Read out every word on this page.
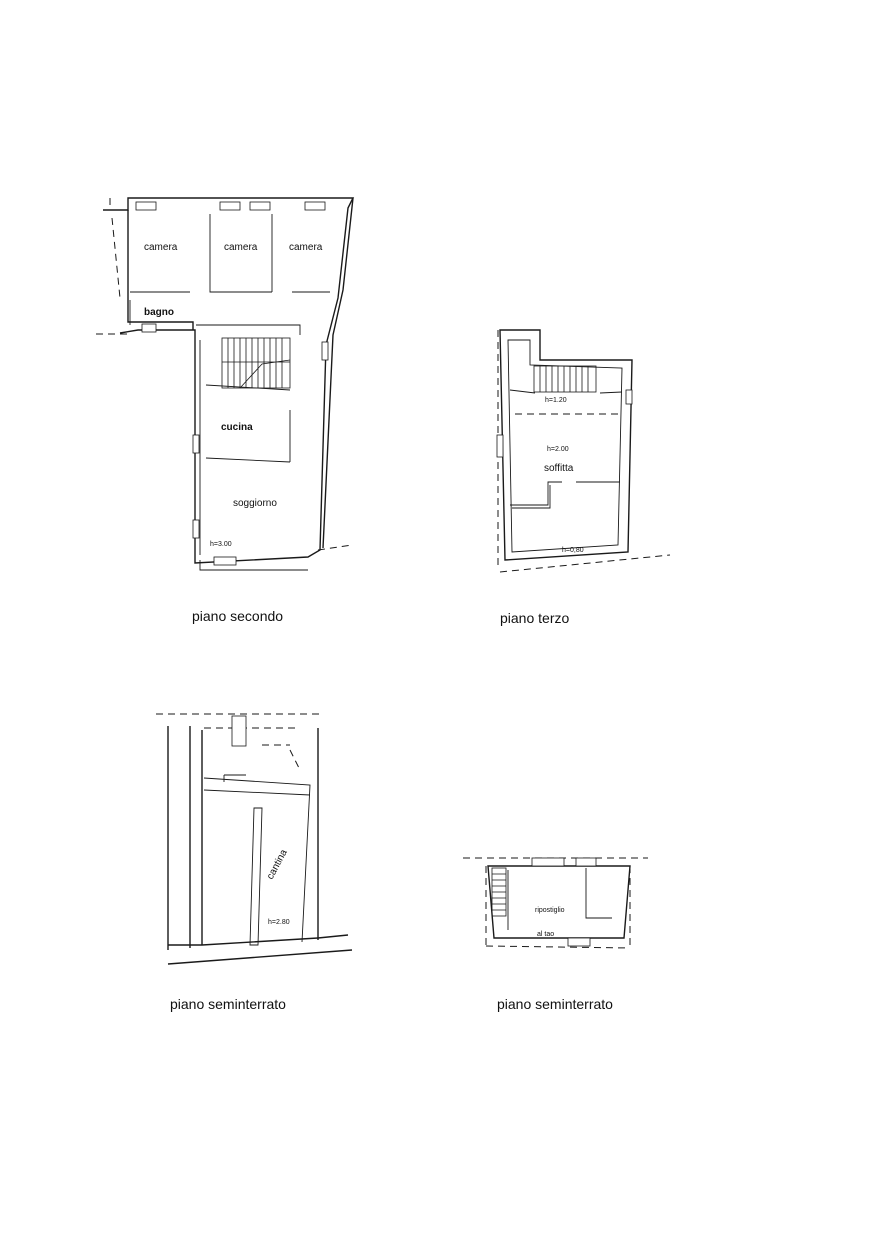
camera	camera	camera
bagno
cucina
soggiorno
h=3.00
piano secondo
h=1.20
h=2.00
soffitta
h=0,80
piano terzo
cantina
h=2.80
piano seminterrato
ripostiglio
al tao
piano seminterrato
